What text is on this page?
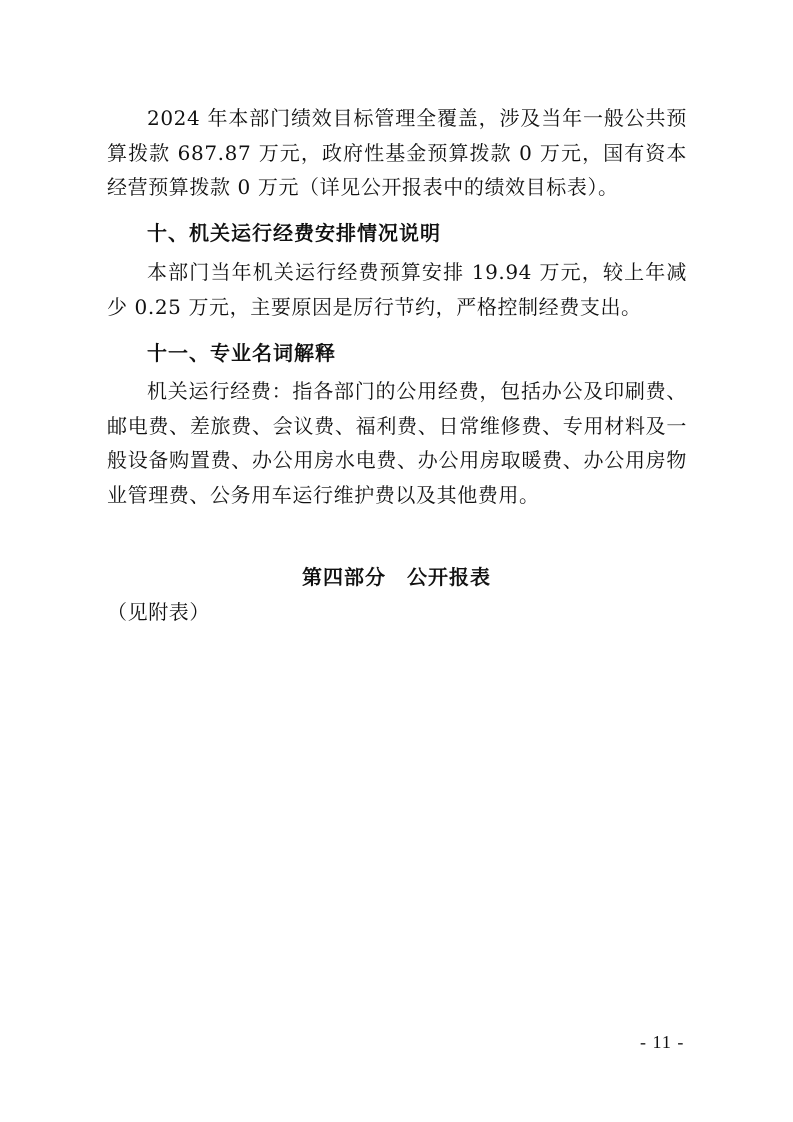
2024 年本部门绩效目标管理全覆盖，涉及当年一般公共预算拨款 687.87 万元，政府性基金预算拨款 0 万元，国有资本经营预算拨款 0 万元（详见公开报表中的绩效目标表）。

十、机关运行经费安排情况说明

本部门当年机关运行经费预算安排 19.94 万元，较上年减少 0.25 万元，主要原因是厉行节约，严格控制经费支出。

十一、专业名词解释

机关运行经费：指各部门的公用经费，包括办公及印刷费、邮电费、差旅费、会议费、福利费、日常维修费、专用材料及一般设备购置费、办公用房水电费、办公用房取暖费、办公用房物业管理费、公务用车运行维护费以及其他费用。

第四部分　公开报表

（见附表）

- 11 -
